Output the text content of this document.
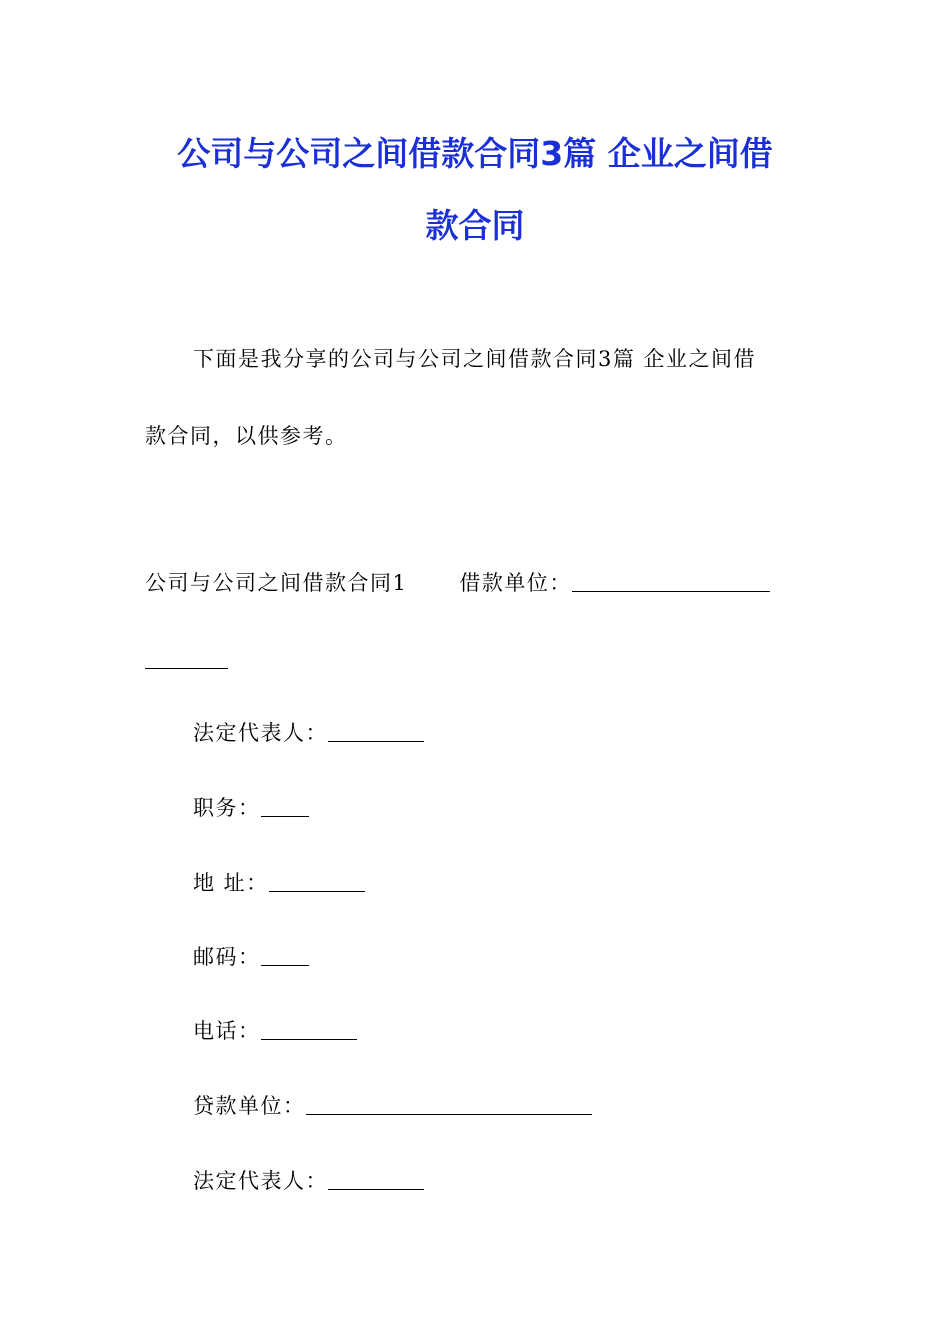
公司与公司之间借款合同3篇 企业之间借
款合同
下面是我分享的公司与公司之间借款合同3篇 企业之间借
款合同，以供参考。
公司与公司之间借款合同1 借款单位：
法定代表人：
职务：
地 址：
邮码：
电话：
贷款单位：
法定代表人：
